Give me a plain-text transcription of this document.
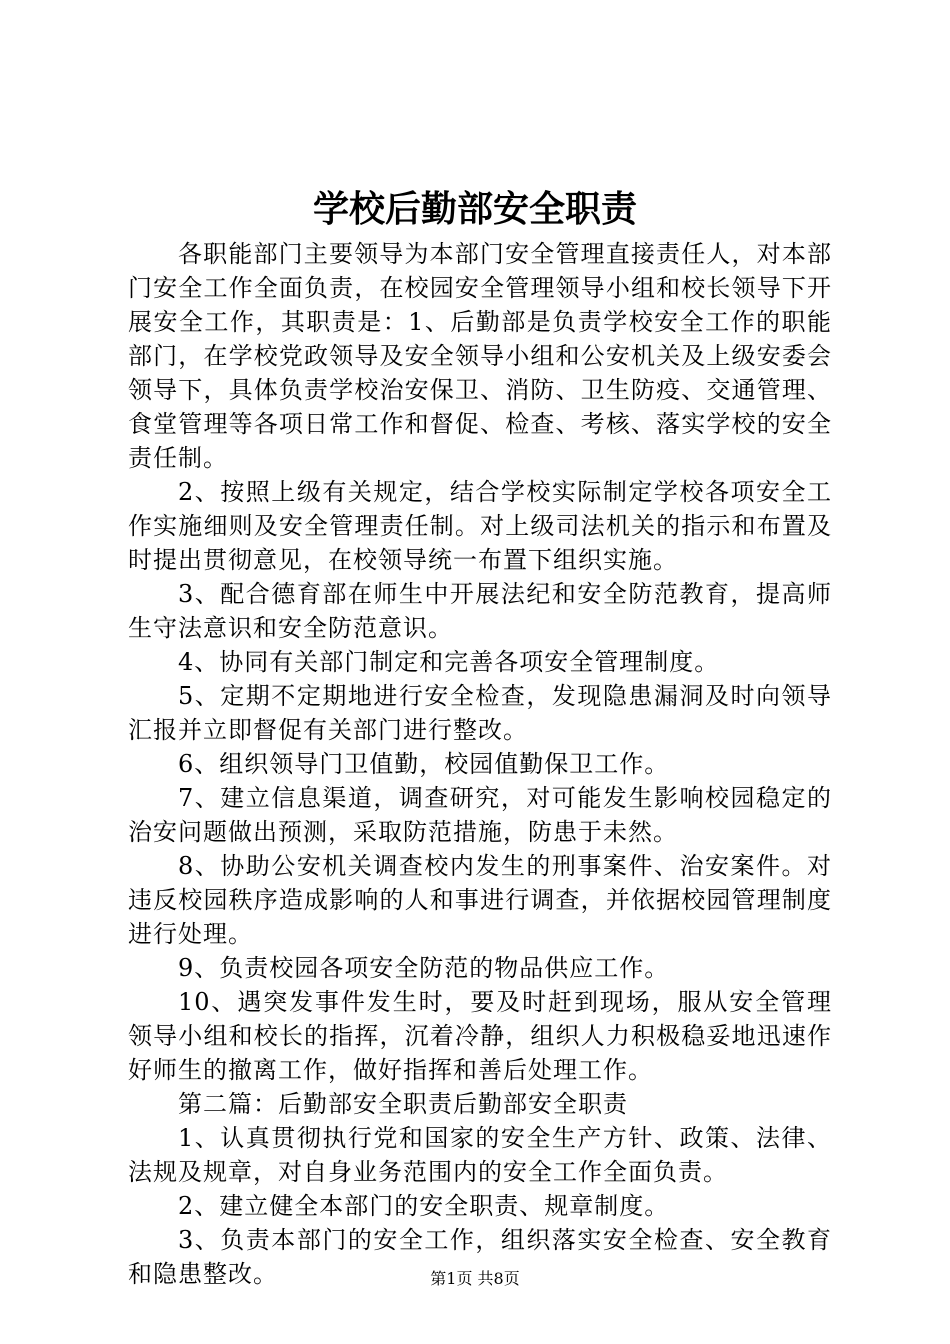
学校后勤部安全职责

各职能部门主要领导为本部门安全管理直接责任人，对本部门安全工作全面负责，在校园安全管理领导小组和校长领导下开展安全工作，其职责是：1、后勤部是负责学校安全工作的职能部门，在学校党政领导及安全领导小组和公安机关及上级安委会领导下，具体负责学校治安保卫、消防、卫生防疫、交通管理、食堂管理等各项日常工作和督促、检查、考核、落实学校的安全责任制。

2、按照上级有关规定，结合学校实际制定学校各项安全工作实施细则及安全管理责任制。对上级司法机关的指示和布置及时提出贯彻意见，在校领导统一布置下组织实施。

3、配合德育部在师生中开展法纪和安全防范教育，提高师生守法意识和安全防范意识。

4、协同有关部门制定和完善各项安全管理制度。

5、定期不定期地进行安全检查，发现隐患漏洞及时向领导汇报并立即督促有关部门进行整改。

6、组织领导门卫值勤，校园值勤保卫工作。

7、建立信息渠道，调查研究，对可能发生影响校园稳定的治安问题做出预测，采取防范措施，防患于未然。

8、协助公安机关调查校内发生的刑事案件、治安案件。对违反校园秩序造成影响的人和事进行调查，并依据校园管理制度进行处理。

9、负责校园各项安全防范的物品供应工作。

10、遇突发事件发生时，要及时赶到现场，服从安全管理领导小组和校长的指挥，沉着冷静，组织人力积极稳妥地迅速作好师生的撤离工作，做好指挥和善后处理工作。

第二篇：后勤部安全职责后勤部安全职责

1、认真贯彻执行党和国家的安全生产方针、政策、法律、法规及规章，对自身业务范围内的安全工作全面负责。

2、建立健全本部门的安全职责、规章制度。

3、负责本部门的安全工作，组织落实安全检查、安全教育和隐患整改。	第1页 共8页
